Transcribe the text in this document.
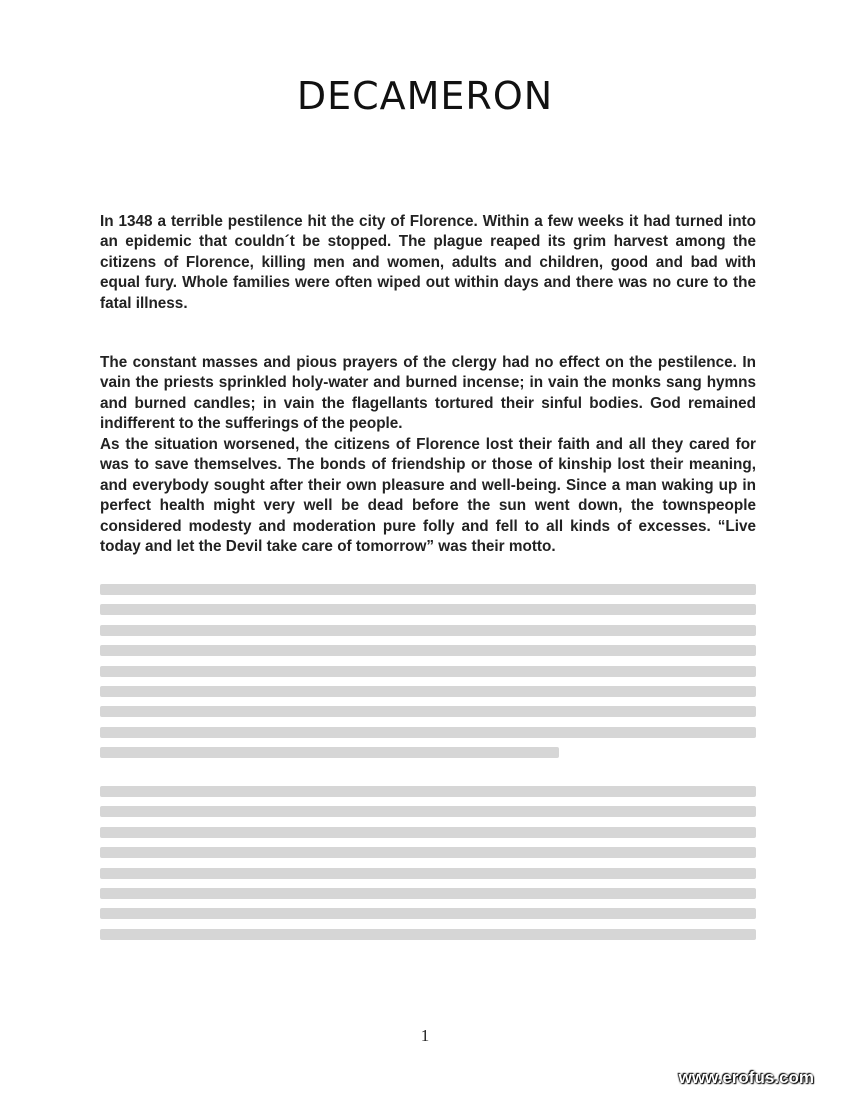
DECAMERON

In 1348 a terrible pestilence hit the city of Florence. Within a few weeks it had turned into an epidemic that couldn´t be stopped. The plague reaped its grim harvest among the citizens of Florence, killing men and women, adults and children, good and bad with equal fury. Whole families were often wiped out within days and there was no cure to the fatal illness.

The constant masses and pious prayers of the clergy had no effect on the pestilence. In vain the priests sprinkled holy-water and burned incense; in vain the monks sang hymns and burned candles; in vain the flagellants tortured their sinful bodies. God remained indifferent to the sufferings of the people.

As the situation worsened, the citizens of Florence lost their faith and all they cared for was to save themselves. The bonds of friendship or those of kinship lost their meaning, and everybody sought after their own pleasure and well-being. Since a man waking up in perfect health might very well be dead before the sun went down, the townspeople considered modesty and moderation pure folly and fell to all kinds of excesses. “Live today and let the Devil take care of tomorrow” was their motto.

1
www.erofus.com
